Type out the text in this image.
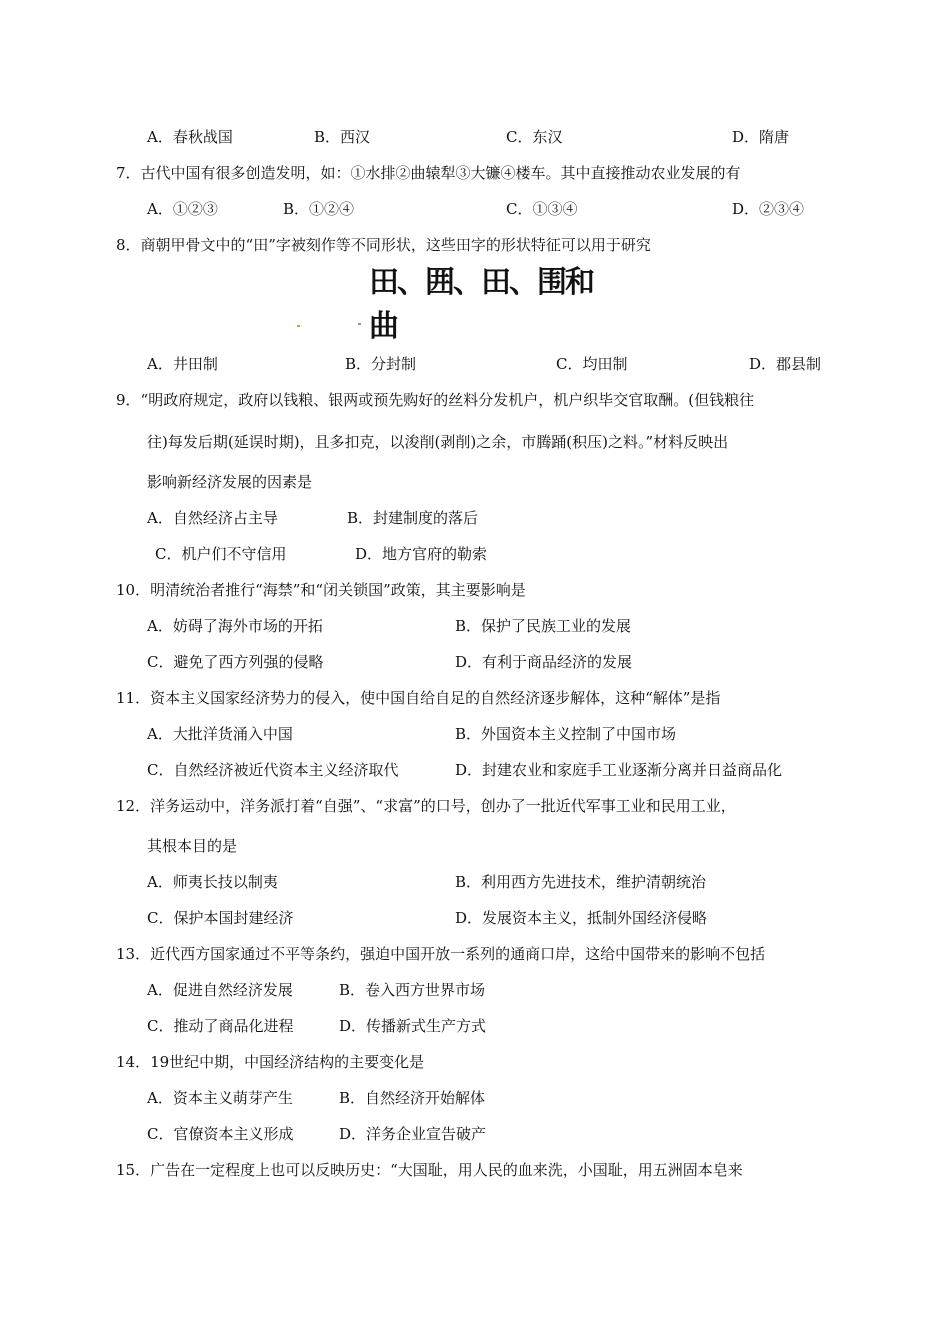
A．春秋战国	B．西汉	C．东汉	D．隋唐
7．古代中国有很多创造发明，如：①水排②曲辕犁③大镰④楼车。其中直接推动农业发展的有
A．①②③	B．①②④	C．①③④	D．②③④
8．商朝甲骨文中的“田”字被刻作等不同形状，这些田字的形状特征可以用于研究
田、囲、田、围和曲
A．井田制	B．分封制	C．均田制	D．郡县制
9．“明政府规定，政府以钱粮、银两或预先购好的丝料分发机户，机户织毕交官取酬。(但钱粮往
往)每发后期(延误时期)，且多扣克，以浚削(剥削)之余，市腾踊(积压)之料。”材料反映出
影响新经济发展的因素是
A．自然经济占主导	B．封建制度的落后
C．机户们不守信用	D．地方官府的勒索
10．明清统治者推行“海禁”和“闭关锁国”政策，其主要影响是
A．妨碍了海外市场的开拓	B．保护了民族工业的发展
C．避免了西方列强的侵略	D．有利于商品经济的发展
11．资本主义国家经济势力的侵入，使中国自给自足的自然经济逐步解体，这种“解体”是指
A．大批洋货涌入中国	B．外国资本主义控制了中国市场
C．自然经济被近代资本主义经济取代	D．封建农业和家庭手工业逐渐分离并日益商品化
12．洋务运动中，洋务派打着“自强”、“求富”的口号，创办了一批近代军事工业和民用工业，
其根本目的是
A．师夷长技以制夷	B．利用西方先进技术，维护清朝统治
C．保护本国封建经济	D．发展资本主义，抵制外国经济侵略
13．近代西方国家通过不平等条约，强迫中国开放一系列的通商口岸，这给中国带来的影响不包括
A．促进自然经济发展	B．卷入西方世界市场
C．推动了商品化进程	D．传播新式生产方式
14．19世纪中期，中国经济结构的主要变化是
A．资本主义萌芽产生	B．自然经济开始解体
C．官僚资本主义形成	D．洋务企业宣告破产
15．广告在一定程度上也可以反映历史：“大国耻，用人民的血来洗，小国耻，用五洲固本皂来
